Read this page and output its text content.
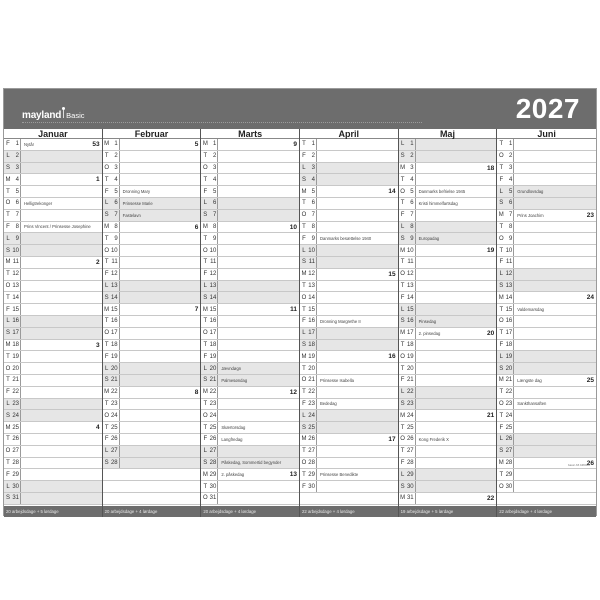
mayland Basic	2027
Januar
F 1	Nytår	53
L 2
S 3
M 4	1
T 5
O 6	Helligtrekonger
T 7
F 8	Prins Vincent / Prinsesse Josephine
L 9
S 10
M 11	2
T 12
O 13
T 14
F 15
L 16
S 17
M 18	3
T 19
O 20
T 21
F 22
L 23
S 24
M 25	4
T 26
O 27
T 28
F 29
L 30
S 31
20 arbejdsdage + 5 lørdage
Februar
M 1	5
T 2
O 3
T 4
F 5	Dronning Mary
L 6	Prinsesse Marie
S 7	Fastelavn
M 8	6
T 9
O 10
T 11
F 12
L 13
S 14
M 15	7
T 16
O 17
T 18
F 19
L 20
S 21
M 22	8
T 23
O 24
T 25
F 26
L 27
S 28
20 arbejdsdage + 4 lørdage
Marts
M 1	9
T 2
O 3
T 4
F 5
L 6
S 7
M 8	10
T 9
O 10
T 11
F 12
L 13
S 14
M 15	11
T 16
O 17
T 18
F 19
L 20	Jævndøgn
S 21	Palmesøndag
M 22	12
T 23
O 24
T 25	Skærtorsdag
F 26	Langfredag
L 27
S 28	Påskedag, Sommertid begynder
M 29	2. påskedag	13
T 30
O 31
20 arbejdsdage + 4 lørdage
April
T 1
F 2
L 3
S 4
M 5	14
T 6
O 7
T 8
F 9	Danmarks besættelse 1940
L 10
S 11
M 12	15
T 13
O 14
T 15
F 16	Dronning Margrethe II
L 17
S 18
M 19	16
T 20
O 21	Prinsesse Isabella
T 22
F 23	Bededag
L 24
S 25
M 26	17
T 27
O 28
T 29	Prinsesse Benedikte
F 30
22 arbejdsdage + 4 lørdage
Maj
L 1
S 2
M 3	18
T 4
O 5	Danmarks befrielse 1945
T 6	Kristi himmelfartsdag
F 7
L 8
S 9	Europadag
M 10	19
T 11
O 12
T 13
F 14
L 15
S 16	Pinsedag
M 17	2. pinsedag	20
T 18
O 19
T 20
F 21
L 22
S 23
M 24	21
T 25
O 26	Kong Frederik X
T 27
F 28
L 29
S 30
M 31	22
19 arbejdsdage + 5 lørdage
Juni
T 1
O 2
T 3
F 4
L 5	Grundlovsdag
S 6
M 7	Prins Joachim	23
T 8
O 9
T 10
F 11
L 12
S 13
M 14	24
T 15	Valdemarsdag
O 16
T 17
F 18
L 19
S 20
M 21	Længste dag	25
T 22
O 23	Sankthansaften
T 24
F 25
L 26
S 27
M 28	26
T 29
O 30
22 arbejdsdage + 4 lørdage
basic A5 blf0000
